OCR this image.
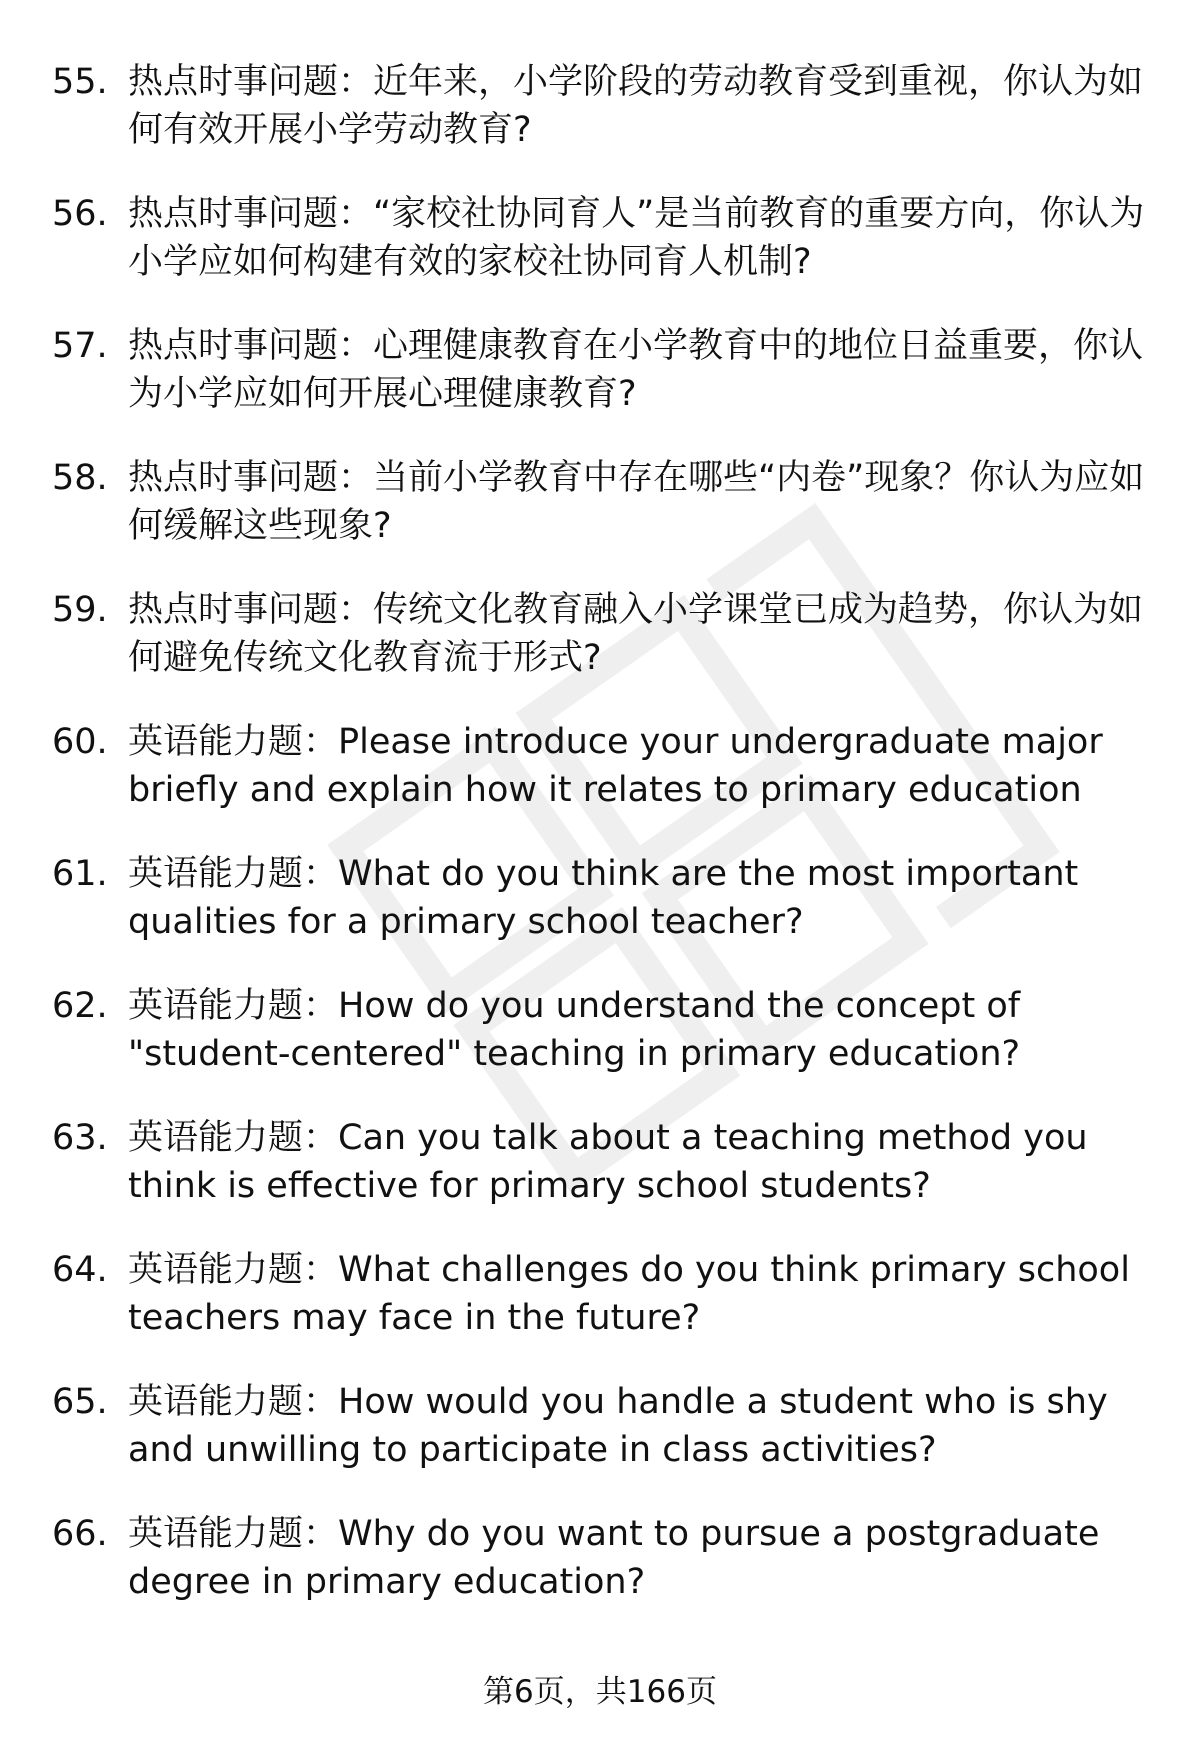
55. 热点时事问题：近年来，小学阶段的劳动教育受到重视，你认为如何有效开展小学劳动教育?
56. 热点时事问题：“家校社协同育人”是当前教育的重要方向，你认为小学应如何构建有效的家校社协同育人机制?
57. 热点时事问题：心理健康教育在小学教育中的地位日益重要，你认为小学应如何开展心理健康教育?
58. 热点时事问题：当前小学教育中存在哪些“内卷”现象？你认为应如何缓解这些现象?
59. 热点时事问题：传统文化教育融入小学课堂已成为趋势，你认为如何避免传统文化教育流于形式?
60. 英语能力题：Please introduce your undergraduate major briefly and explain how it relates to primary education
61. 英语能力题：What do you think are the most important qualities for a primary school teacher?
62. 英语能力题：How do you understand the concept of "student-centered" teaching in primary education?
63. 英语能力题：Can you talk about a teaching method you think is effective for primary school students?
64. 英语能力题：What challenges do you think primary school teachers may face in the future?
65. 英语能力题：How would you handle a student who is shy and unwilling to participate in class activities?
66. 英语能力题：Why do you want to pursue a postgraduate degree in primary education?
第6页，共166页
